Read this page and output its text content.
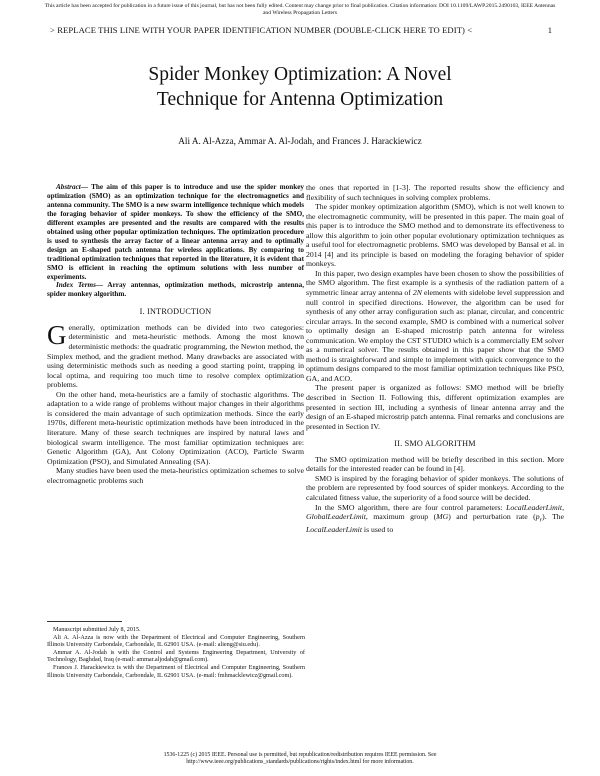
This article has been accepted for publication in a future issue of this journal, but has not been fully edited. Content may change prior to final publication. Citation information: DOI 10.1109/LAWP.2015.2490103, IEEE Antennas and Wireless Propagation Letters
> REPLACE THIS LINE WITH YOUR PAPER IDENTIFICATION NUMBER (DOUBLE-CLICK HERE TO EDIT) <	1
Spider Monkey Optimization: A Novel
Technique for Antenna Optimization
Ali A. Al-Azza, Ammar A. Al-Jodah, and Frances J. Harackiewicz

Abstract— The aim of this paper is to introduce and use the spider monkey optimization (SMO) as an optimization technique for the electromagnetics and antenna community. The SMO is a new swarm intelligence technique which models the foraging behavior of spider monkeys. To show the efficiency of the SMO, different examples are presented and the results are compared with the results obtained using other popular optimization techniques. The optimization procedure is used to synthesis the array factor of a linear antenna array and to optimally design an E-shaped patch antenna for wireless applications. By comparing to traditional optimization techniques that reported in the literature, it is evident that SMO is efficient in reaching the optimum solutions with less number of experiments.

Index Terms— Array antennas, optimization methods, microstrip antenna, spider monkey algorithm.

I. INTRODUCTION

Generally, optimization methods can be divided into two categories: deterministic and meta-heuristic methods. Among the most known deterministic methods: the quadratic programming, the Newton method, the Simplex method, and the gradient method. Many drawbacks are associated with using deterministic methods such as needing a good starting point, trapping in local optima, and requiring too much time to resolve complex optimization problems.

On the other hand, meta-heuristics are a family of stochastic algorithms. The adaptation to a wide range of problems without major changes in their algorithms is considered the main advantage of such optimization methods. Since the early 1970s, different meta-heuristic optimization methods have been introduced in the literature. Many of these search techniques are inspired by natural laws and biological swarm intelligence. The most familiar optimization techniques are: Genetic Algorithm (GA), Ant Colony Optimization (ACO), Particle Swarm Optimization (PSO), and Simulated Annealing (SA).

Many studies have been used the meta-heuristics optimization schemes to solve electromagnetic problems such

Manuscript submitted July 8, 2015.

Ali A. Al-Azza is now with the Department of Electrical and Computer Engineering, Southern Illinois University Carbondale, Carbondale, IL 62901 USA. (e-mail: alieng@siu.edu).

Ammar A. Al-Jodah is with the Control and Systems Engineering Department, University of Technology, Baghdad, Iraq (e-mail: ammar.aljodah@gmail.com).

Frances J. Harackiewicz is with the Department of Electrical and Computer Engineering, Southern Illinois University Carbondale, Carbondale, IL 62901 USA. (e-mail: fmhmacklewicz@gmail.com).

the ones that reported in [1-3]. The reported results show the efficiency and flexibility of such techniques in solving complex problems.

The spider monkey optimization algorithm (SMO), which is not well known to the electromagnetic community, will be presented in this paper. The main goal of this paper is to introduce the SMO method and to demonstrate its effectiveness to allow this algorithm to join other popular evolutionary optimization techniques as a useful tool for electromagnetic problems. SMO was developed by Bansal et al. in 2014 [4] and its principle is based on modeling the foraging behavior of spider monkeys.

In this paper, two design examples have been chosen to show the possibilities of the SMO algorithm. The first example is a synthesis of the radiation pattern of a symmetric linear array antenna of 2N elements with sidelobe level suppression and null control in specified directions. However, the algorithm can be used for synthesis of any other array configuration such as: planar, circular, and concentric circular arrays. In the second example, SMO is combined with a numerical solver to optimally design an E-shaped microstrip patch antenna for wireless communication. We employ the CST STUDIO which is a commercially EM solver as a numerical solver. The results obtained in this paper show that the SMO method is straightforward and simple to implement with quick convergence to the optimum designs compared to the most familiar optimization techniques like PSO, GA, and ACO.

The present paper is organized as follows: SMO method will be briefly described in Section II. Following this, different optimization examples are presented in section III, including a synthesis of linear antenna array and the design of an E-shaped microstrip patch antenna. Final remarks and conclusions are presented in Section IV.

II. SMO ALGORITHM

The SMO optimization method will be briefly described in this section. More details for the interested reader can be found in [4].

SMO is inspired by the foraging behavior of spider monkeys. The solutions of the problem are represented by food sources of spider monkeys. According to the calculated fitness value, the superiority of a food source will be decided.

In the SMO algorithm, there are four control parameters: LocalLeaderLimit, GlobalLeaderLimit, maximum group (MG) and perturbation rate $(p_r)$. The LocalLeaderLimit is used to

1536-1225 (c) 2015 IEEE. Personal use is permitted, but republication/redistribution requires IEEE permission. See
http://www.ieee.org/publications_standards/publications/rights/index.html for more information.
